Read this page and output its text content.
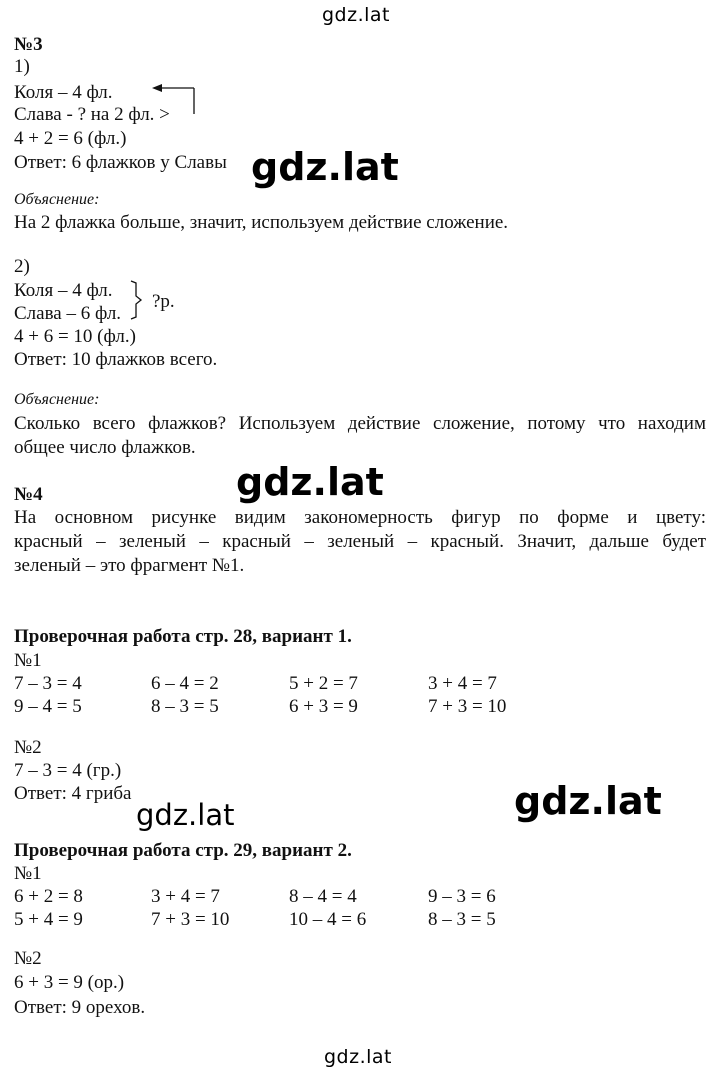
gdz.lat
№3
1)
Коля – 4 фл.
Слава - ? на 2 фл. >
4 + 2 = 6 (фл.)
Ответ: 6 флажков у Славы
Объяснение:
На 2 флажка больше, значит, используем действие сложение.
2)
Коля – 4 фл.
Слава – 6 фл.
?р.
4 + 6 = 10 (фл.)
Ответ: 10 флажков всего.
Объяснение:
Сколько всего флажков? Используем действие сложение, потому что находим
общее число флажков.
№4
На основном рисунке видим закономерность фигур по форме и цвету:
красный – зеленый – красный – зеленый – красный. Значит, дальше будет
зеленый – это фрагмент №1.
Проверочная работа стр. 28, вариант 1.
№1
7 – 3 = 4	6 – 4 = 2	5 + 2 = 7	3 + 4 = 7
9 – 4 = 5	8 – 3 = 5	6 + 3 = 9	7 + 3 = 10
№2
7 – 3 = 4 (гр.)
Ответ: 4 гриба
Проверочная работа стр. 29, вариант 2.
№1
6 + 2 = 8	3 + 4 = 7	8 – 4 = 4	9 – 3 = 6
5 + 4 = 9	7 + 3 = 10	10 – 4 = 6	8 – 3 = 5
№2
6 + 3 = 9 (ор.)
Ответ: 9 орехов.
gdz.lat
gdz.lat
gdz.lat
gdz.lat
gdz.lat
